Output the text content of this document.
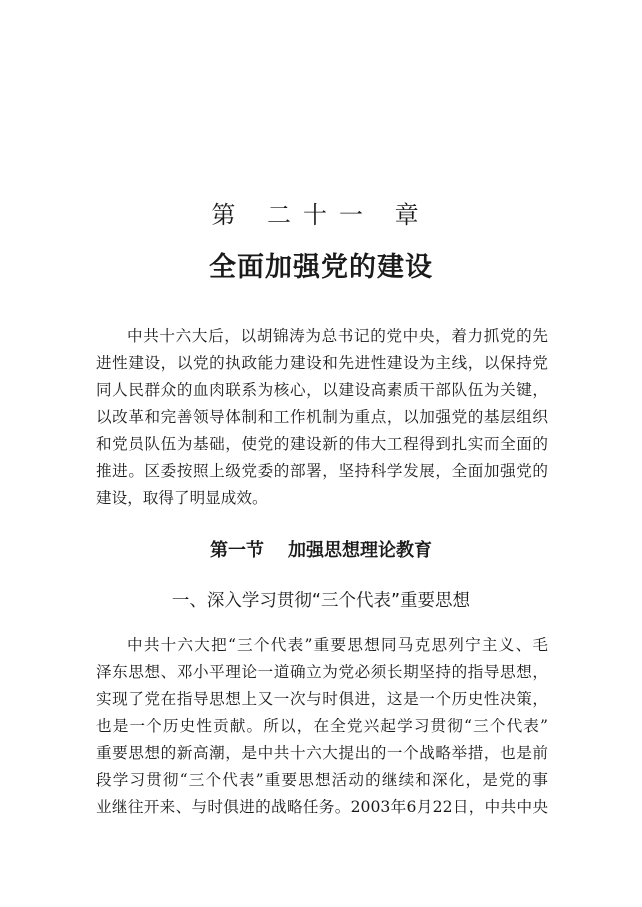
第 二十一 章
全面加强党的建设
中共十六大后，以胡锦涛为总书记的党中央，着力抓党的先
进性建设，以党的执政能力建设和先进性建设为主线，以保持党
同人民群众的血肉联系为核心，以建设高素质干部队伍为关键，
以改革和完善领导体制和工作机制为重点，以加强党的基层组织
和党员队伍为基础，使党的建设新的伟大工程得到扎实而全面的
推进。区委按照上级党委的部署，坚持科学发展，全面加强党的
建设，取得了明显成效。
第一节 加强思想理论教育
一、深入学习贯彻“三个代表”重要思想
中共十六大把“三个代表”重要思想同马克思列宁主义、毛
泽东思想、邓小平理论一道确立为党必须长期坚持的指导思想，
实现了党在指导思想上又一次与时俱进，这是一个历史性决策，
也是一个历史性贡献。所以，在全党兴起学习贯彻“三个代表”
重要思想的新高潮，是中共十六大提出的一个战略举措，也是前
段学习贯彻“三个代表”重要思想活动的继续和深化，是党的事
业继往开来、与时俱进的战略任务。2003年6月22日，中共中央
